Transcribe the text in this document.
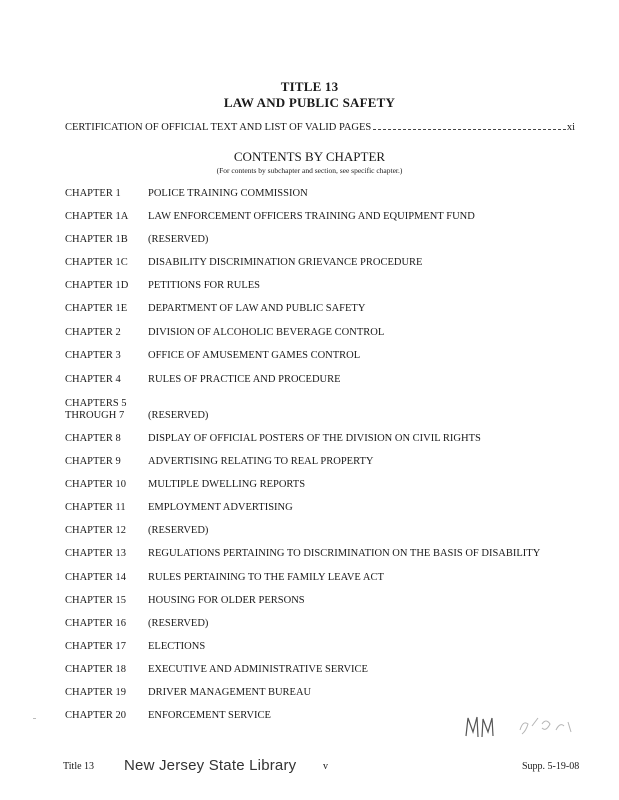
TITLE 13
LAW AND PUBLIC SAFETY
CERTIFICATION OF OFFICIAL TEXT AND LIST OF VALID PAGES	xi
CONTENTS BY CHAPTER
(For contents by subchapter and section, see specific chapter.)
CHAPTER 1	POLICE TRAINING COMMISSION
CHAPTER 1A	LAW ENFORCEMENT OFFICERS TRAINING AND EQUIPMENT FUND
CHAPTER 1B	(RESERVED)
CHAPTER 1C	DISABILITY DISCRIMINATION GRIEVANCE PROCEDURE
CHAPTER 1D	PETITIONS FOR RULES
CHAPTER 1E	DEPARTMENT OF LAW AND PUBLIC SAFETY
CHAPTER 2	DIVISION OF ALCOHOLIC BEVERAGE CONTROL
CHAPTER 3	OFFICE OF AMUSEMENT GAMES CONTROL
CHAPTER 4	RULES OF PRACTICE AND PROCEDURE
CHAPTERS 5
THROUGH 7	(RESERVED)
CHAPTER 8	DISPLAY OF OFFICIAL POSTERS OF THE DIVISION ON CIVIL RIGHTS
CHAPTER 9	ADVERTISING RELATING TO REAL PROPERTY
CHAPTER 10	MULTIPLE DWELLING REPORTS
CHAPTER 11	EMPLOYMENT ADVERTISING
CHAPTER 12	(RESERVED)
CHAPTER 13	REGULATIONS PERTAINING TO DISCRIMINATION ON THE BASIS OF DISABILITY
CHAPTER 14	RULES PERTAINING TO THE FAMILY LEAVE ACT
CHAPTER 15	HOUSING FOR OLDER PERSONS
CHAPTER 16	(RESERVED)
CHAPTER 17	ELECTIONS
CHAPTER 18	EXECUTIVE AND ADMINISTRATIVE SERVICE
CHAPTER 19	DRIVER MANAGEMENT BUREAU
CHAPTER 20	ENFORCEMENT SERVICE
Title 13 New Jersey State Library	v	Supp. 5-19-08
